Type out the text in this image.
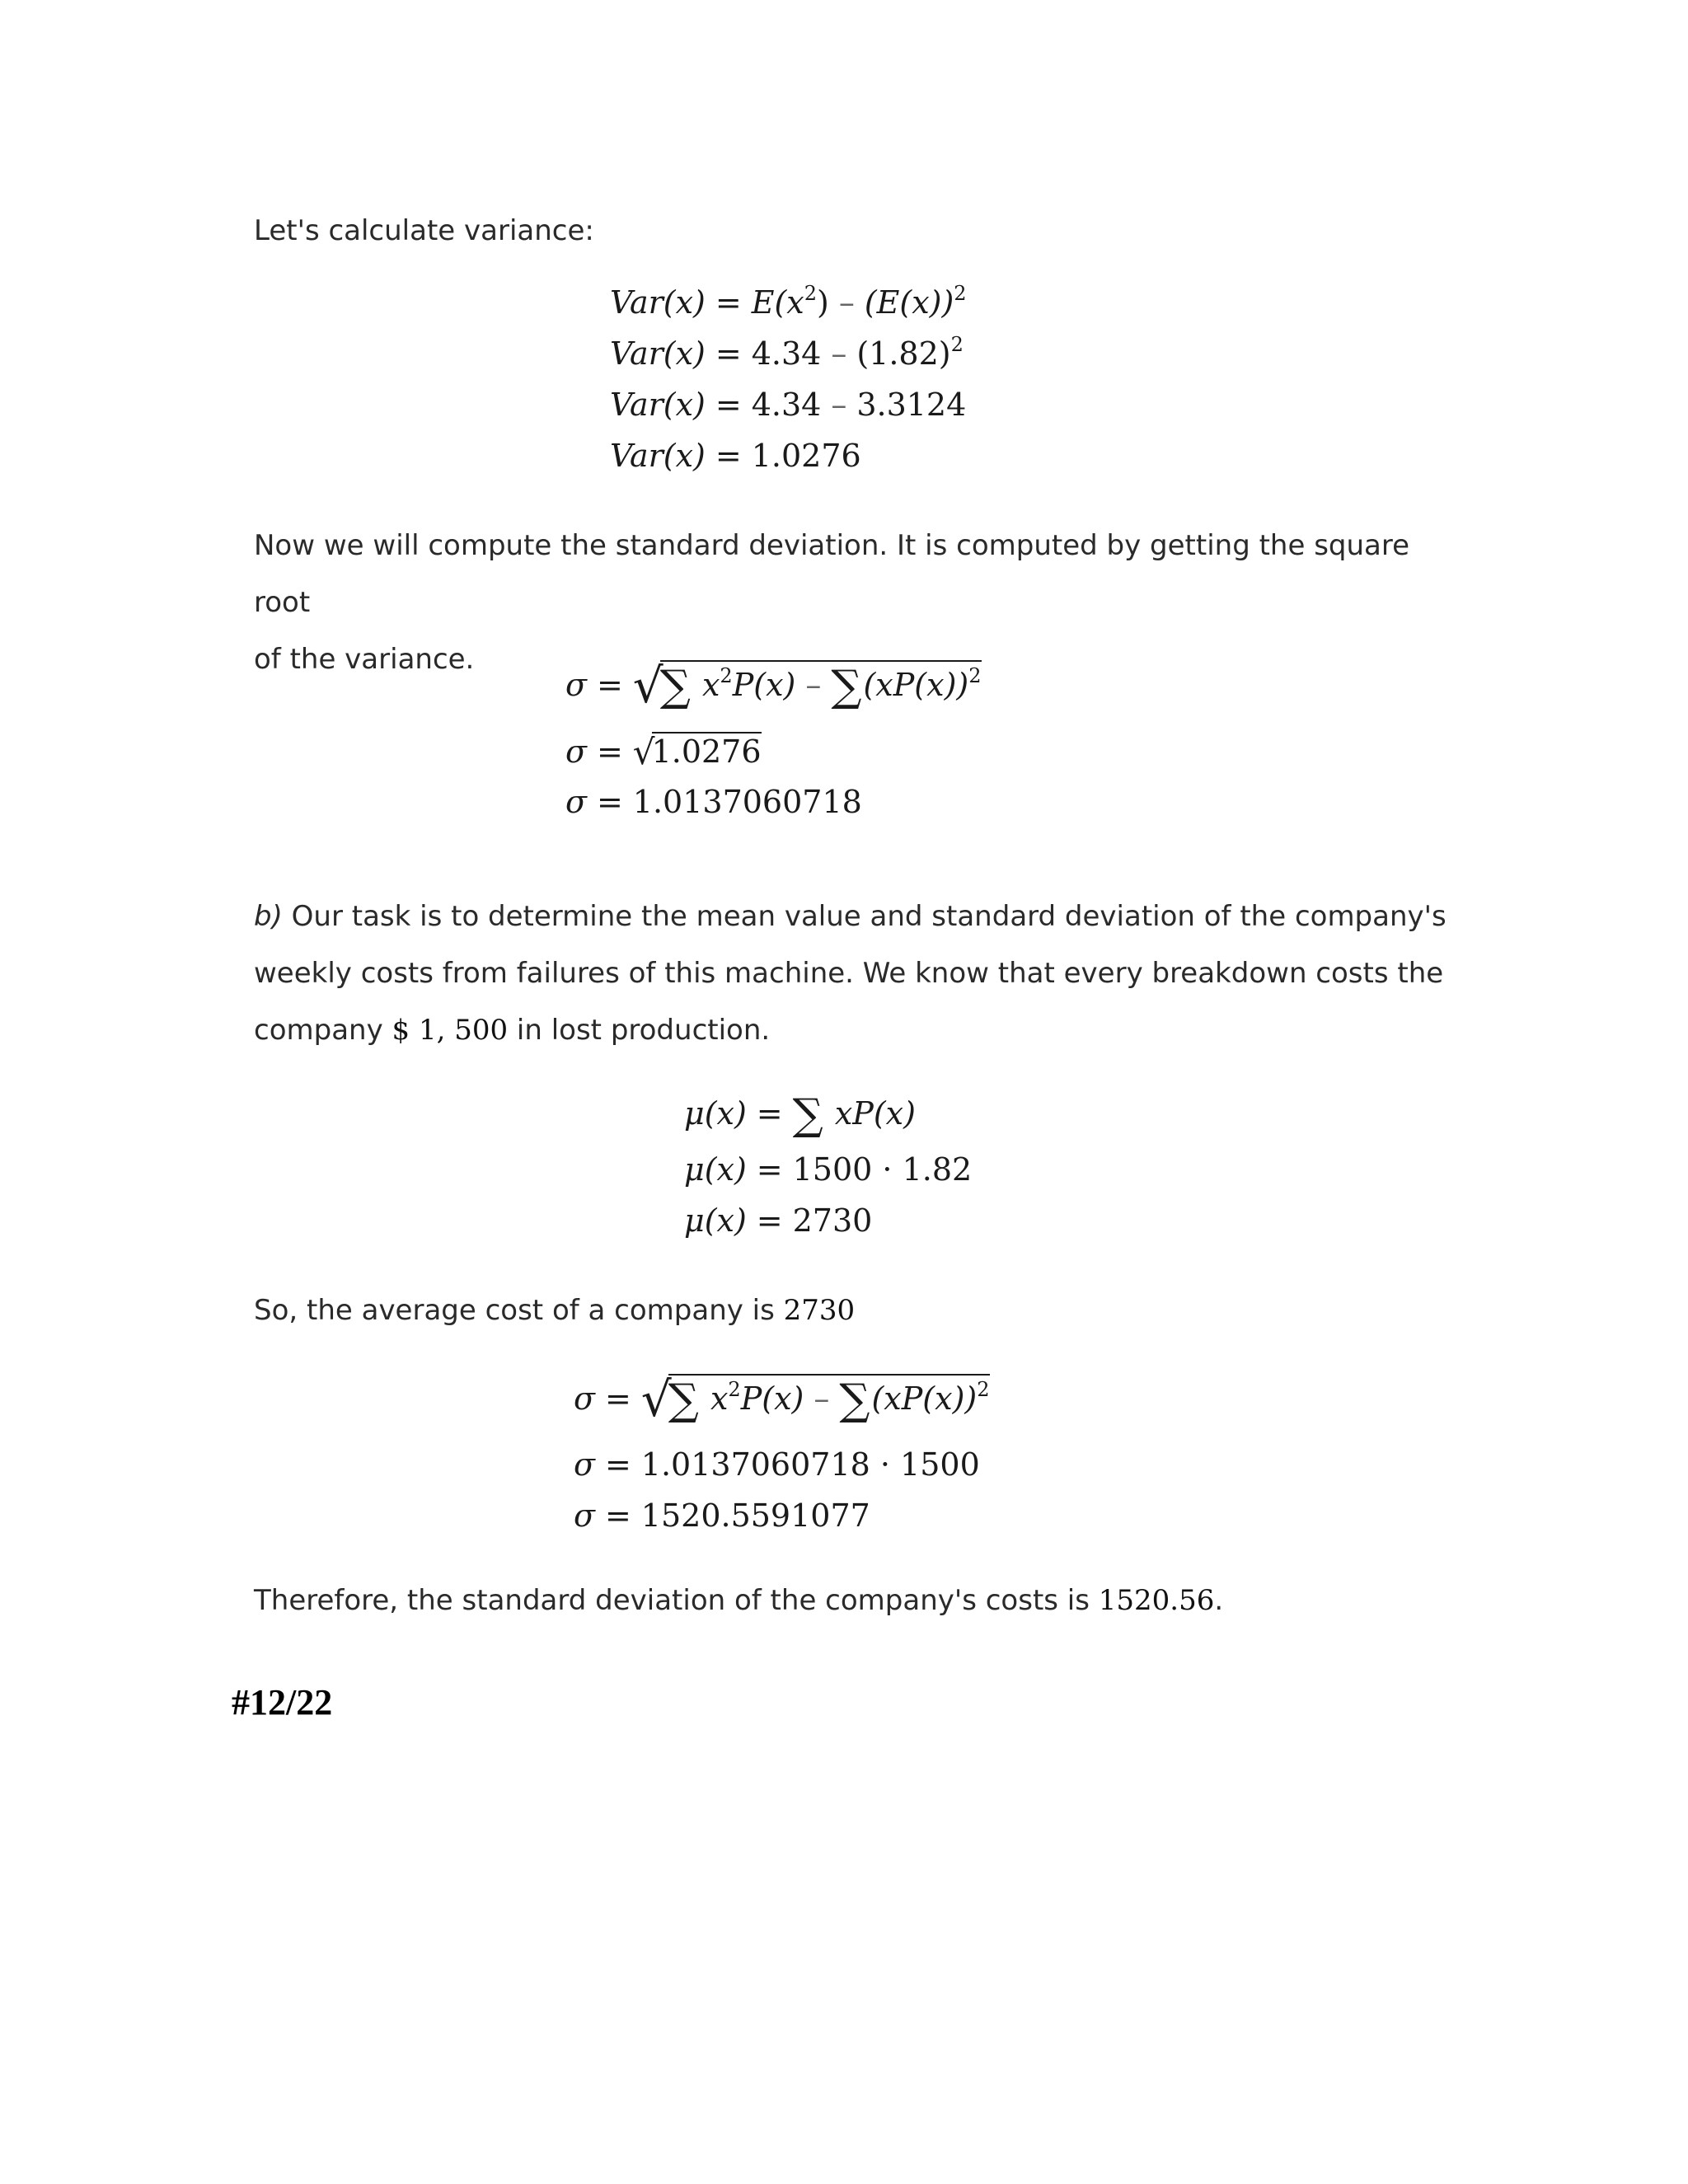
Let's calculate variance:
$Var(x) = E(x^2) - (E(x))^2$
$Var(x) = 4.34 - (1.82)^2$
Var(x) = 4.34 – 3.3124
Var(x) = 1.0276
Now we will compute the standard deviation. It is computed by getting the square root
of the variance.
σ = √∑ $x^2P(x) - \sum(xP(x))^2$
σ = √1.0276
σ = 1.0137060718
b) Our task is to determine the mean value and standard deviation of the company's
weekly costs from failures of this machine. We know that every breakdown costs the
company $ 1, 500 in lost production.
μ(x) = ∑ xP(x)
μ(x) = 1500 · 1.82
μ(x) = 2730
So, the average cost of a company is 2730
σ = √∑ $x^2P(x) - \sum(xP(x))^2$
σ = 1.0137060718 · 1500
σ = 1520.5591077
Therefore, the standard deviation of the company's costs is 1520.56.
#12/22
